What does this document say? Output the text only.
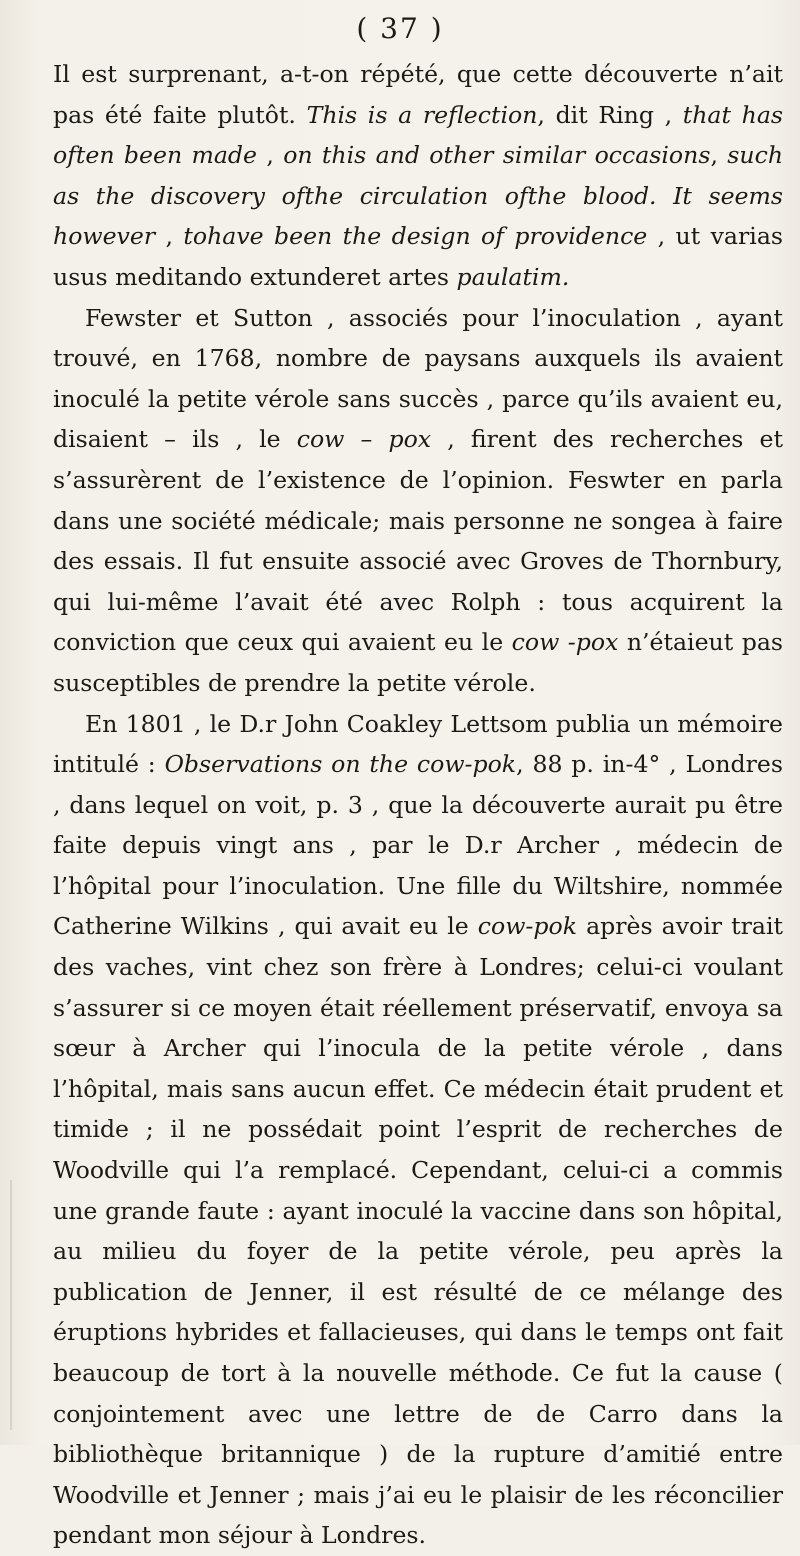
( 37 )

Il est surprenant, a-t-on répété, que cette découverte n’ait pas été faite plutôt. This is a reflection, dit Ring , that has often been made , on this and other similar occasions, such as the discovery ofthe circulation ofthe blood. It seems however , tohave been the design of providence , ut varias usus meditando extunderet artes paulatim.

Fewster et Sutton , associés pour l’inoculation , ayant trouvé, en 1768, nombre de paysans auxquels ils avaient inoculé la petite vérole sans succès , parce qu’ils avaient eu, disaient – ils , le cow – pox , firent des recherches et s’assurèrent de l’existence de l’opinion. Feswter en parla dans une société médicale; mais personne ne songea à faire des essais. Il fut ensuite associé avec Groves de Thornbury, qui lui-même l’avait été avec Rolph : tous acquirent la conviction que ceux qui avaient eu le cow -pox n’étaieut pas susceptibles de prendre la petite vérole.

En 1801 , le D.r John Coakley Lettsom publia un mémoire intitulé : Observations on the cow-pok, 88 p. in-4° , Londres , dans lequel on voit, p. 3 , que la découverte aurait pu être faite depuis vingt ans , par le D.r Archer , médecin de l’hôpital pour l’inoculation. Une fille du Wiltshire, nommée Catherine Wilkins , qui avait eu le cow-pok après avoir trait des vaches, vint chez son frère à Londres; celui-ci voulant s’assurer si ce moyen était réellement préservatif, envoya sa sœur à Archer qui l’inocula de la petite vérole , dans l’hôpital, mais sans aucun effet. Ce médecin était prudent et timide ; il ne possédait point l’esprit de recherches de Woodville qui l’a remplacé. Cependant, celui-ci a commis une grande faute : ayant inoculé la vaccine dans son hôpital, au milieu du foyer de la petite vérole, peu après la publication de Jenner, il est résulté de ce mélange des éruptions hybrides et fallacieuses, qui dans le temps ont fait beaucoup de tort à la nouvelle méthode. Ce fut la cause ( conjointement avec une lettre de de Carro dans la bibliothèque britannique ) de la rupture d’amitié entre Woodville et Jenner ; mais j’ai eu le plaisir de les réconcilier pendant mon séjour à Londres.
